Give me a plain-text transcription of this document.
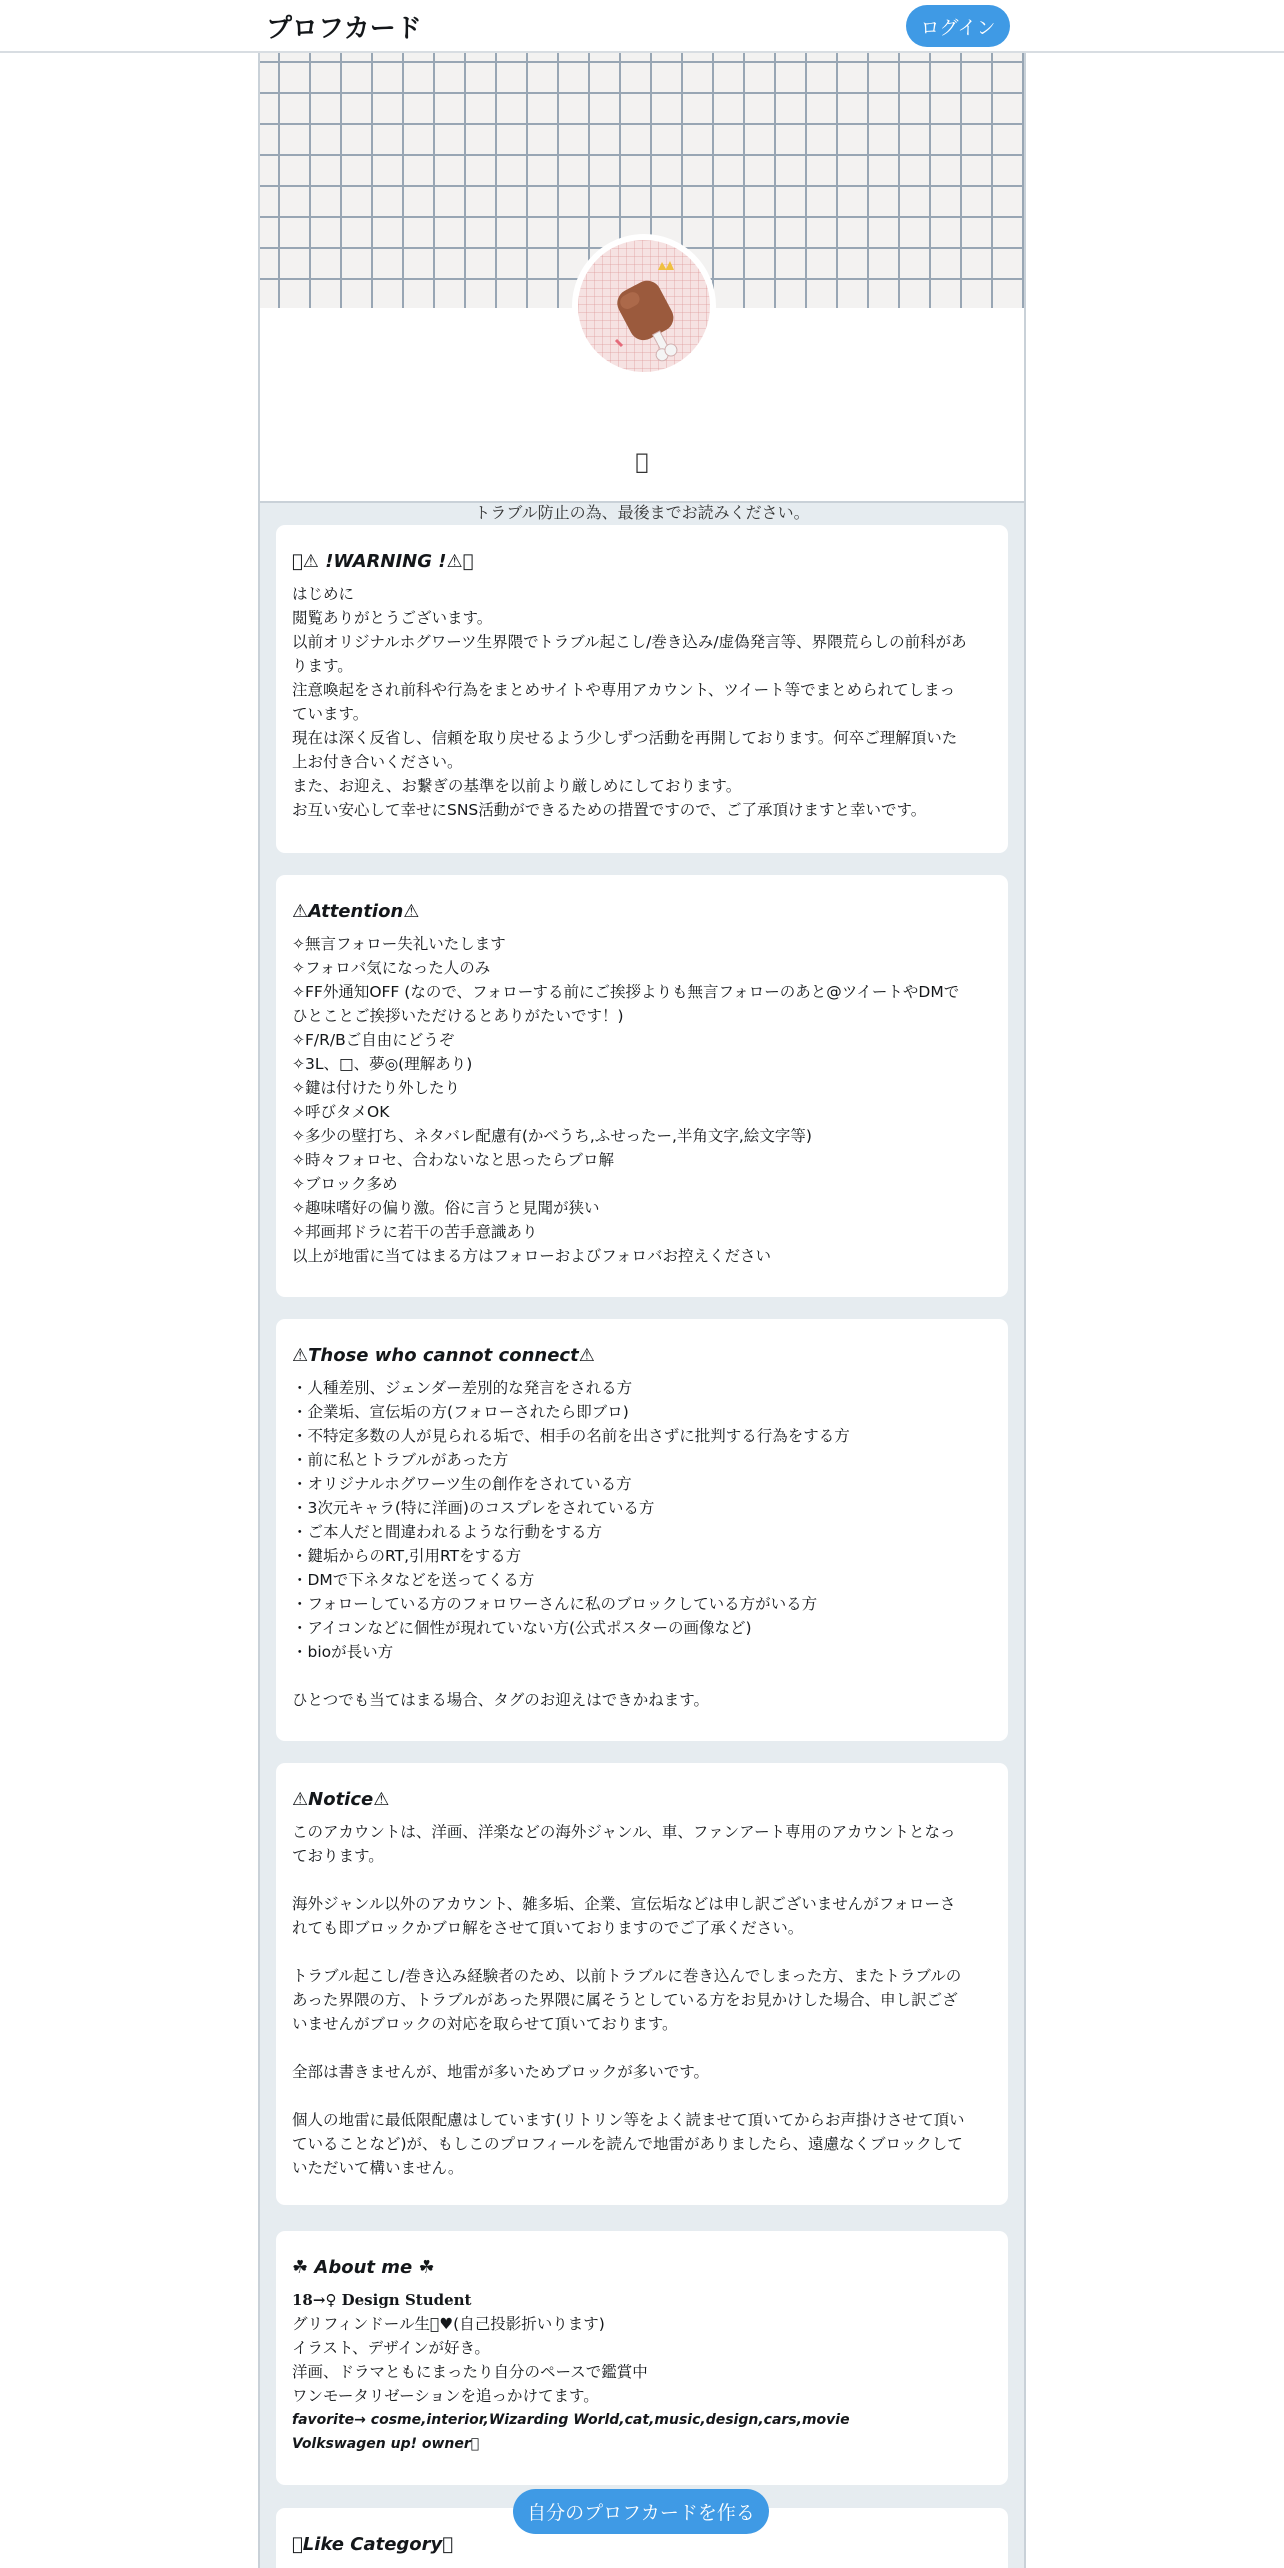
プロフカード	ログイン
􀀀
トラブル防止の為、最後までお読みください。
􀀀⚠ !WARNING !⚠􀀀
はじめに
閲覧ありがとうございます。
以前オリジナルホグワーツ生界隈でトラブル起こし/巻き込み/虚偽発言等、界隈荒らしの前科があ
ります。
注意喚起をされ前科や行為をまとめサイトや専用アカウント、ツイート等でまとめられてしまっ
ています。
現在は深く反省し、信頼を取り戻せるよう少しずつ活動を再開しております。何卒ご理解頂いた
上お付き合いください。
また、お迎え、お繋ぎの基準を以前より厳しめにしております。
お互い安心して幸せにSNS活動ができるための措置ですので、ご了承頂けますと幸いです。
⚠Attention⚠
✧無言フォロー失礼いたします
✧フォロバ気になった人のみ
✧FF外通知OFF (なので、フォローする前にご挨拶よりも無言フォローのあと@ツイートやDMで
ひとことご挨拶いただけるとありがたいです！)
✧F/R/Bご自由にどうぞ
✧3L、□、夢◎(理解あり)
✧鍵は付けたり外したり
✧呼びタメOK
✧多少の壁打ち、ネタバレ配慮有(かべうち,ふせったー,半角文字,絵文字等)
✧時々フォロセ、合わないなと思ったらブロ解
✧ブロック多め
✧趣味嗜好の偏り激。俗に言うと見聞が狭い
✧邦画邦ドラに若干の苦手意識あり
以上が地雷に当てはまる方はフォローおよびフォロバお控えください
⚠Those who cannot connect⚠
・人種差別、ジェンダー差別的な発言をされる方
・企業垢、宣伝垢の方(フォローされたら即ブロ)
・不特定多数の人が見られる垢で、相手の名前を出さずに批判する行為をする方
・前に私とトラブルがあった方
・オリジナルホグワーツ生の創作をされている方
・3次元キャラ(特に洋画)のコスプレをされている方
・ご本人だと間違われるような行動をする方
・鍵垢からのRT,引用RTをする方
・DMで下ネタなどを送ってくる方
・フォローしている方のフォロワーさんに私のブロックしている方がいる方
・アイコンなどに個性が現れていない方(公式ポスターの画像など)
・bioが長い方
ひとつでも当てはまる場合、タグのお迎えはできかねます。
⚠Notice⚠
このアカウントは、洋画、洋楽などの海外ジャンル、車、ファンアート専用のアカウントとなっ
ております。
海外ジャンル以外のアカウント、雑多垢、企業、宣伝垢などは申し訳ございませんがフォローさ
れても即ブロックかブロ解をさせて頂いておりますのでご了承ください。
トラブル起こし/巻き込み経験者のため、以前トラブルに巻き込んでしまった方、またトラブルの
あった界隈の方、トラブルがあった界隈に属そうとしている方をお見かけした場合、申し訳ござ
いませんがブロックの対応を取らせて頂いております。
全部は書きませんが、地雷が多いためブロックが多いです。
個人の地雷に最低限配慮はしています(リトリン等をよく読ませて頂いてからお声掛けさせて頂い
ていることなど)が、もしこのプロフィールを読んで地雷がありましたら、遠慮なくブロックして
いただいて構いません。
☘ About me ☘
18→♀ Design Student
グリフィンドール生􀀀♥(自己投影折いります)
イラスト、デザインが好き。
洋画、ドラマともにまったり自分のペースで鑑賞中
ワンモータリゼーションを追っかけてます。
favorite→ cosme,interior,Wizarding World,cat,music,design,cars,movie
Volkswagen up! owner􀀀
􀀀Like Category􀀀
自分のプロフカードを作る
